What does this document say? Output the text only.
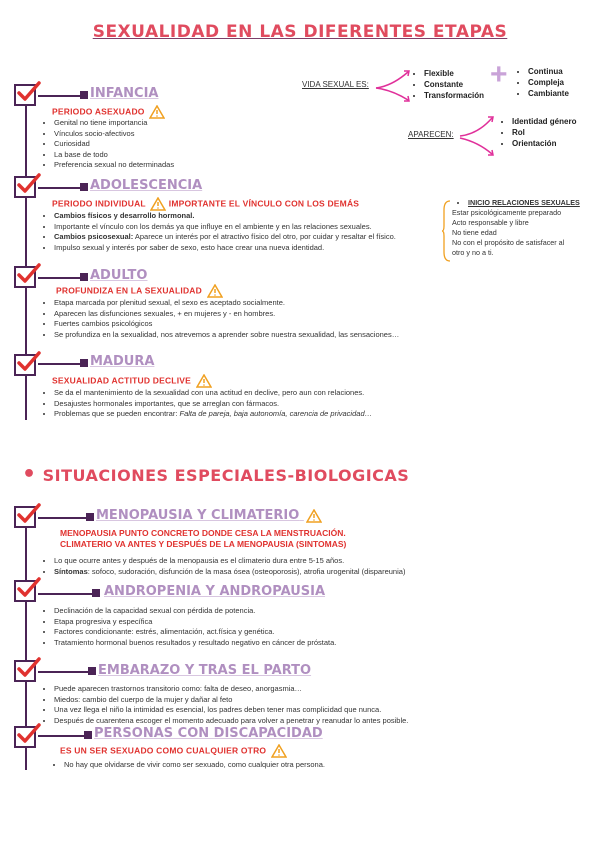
SEXUALIDAD EN LAS DIFERENTES ETAPAS
INFANCIA
PERIODO ASEXUADO
• Genital no tiene importancia
• Vínculos socio-afectivos
• Curiosidad
• La base de todo
• Preferencia sexual no determinadas
VIDA SEXUAL ES:
• Flexible
• Constante
• Transformación
+
•	Continua
• Compleja
• Cambiante
APARECEN:
• Identidad género
• Rol
• Orientación
ADOLESCENCIA
PERIODO INDIVIDUAL	IMPORTANTE EL VÍNCULO CON LOS DEMÁS
• Cambios físicos y desarrollo hormonal.
• Importante el vínculo con los demás ya que influye en el ambiente y en las relaciones sexuales.
• Cambios psicosexual: Aparece un interés por el atractivo físico del otro, por cuidar y resaltar el físico.
• Impulso sexual y interés por saber de sexo, esto hace crear una nueva identidad.
• INICIO RELACIONES SEXUALES
Estar psicológicamente preparado
Acto responsable y libre
No tiene edad
No con el propósito de satisfacer al
otro y no a ti.
ADULTO
PROFUNDIZA EN LA SEXUALIDAD
• Etapa marcada por plenitud sexual, el sexo es aceptado socialmente.
• Aparecen las disfunciones sexuales, + en mujeres y - en hombres.
• Fuertes cambios psicológicos
• Se profundiza en la sexualidad, nos atrevemos a aprender sobre nuestra sexualidad, las sensaciones…
MADURA
SEXUALIDAD ACTITUD DECLIVE
• Se da el mantenimiento de la sexualidad con una actitud en declive, pero aun con relaciones.
• Desajustes hormonales importantes, que se arreglan con fármacos.
• Problemas que se pueden encontrar: Falta de pareja, baja autonomía, carencia de privacidad…
• SITUACIONES ESPECIALES-BIOLOGICAS
MENOPAUSIA Y CLIMATERIO
MENOPAUSIA PUNTO CONCRETO DONDE CESA LA MENSTRUACIÓN.
CLIMATERIO VA ANTES Y DESPUÉS DE LA MENOPAUSIA (SINTOMAS)
• Lo que ocurre antes y después de la menopausia es el climaterio dura entre 5-15 años.
• Síntomas: sofoco, sudoración, disfunción de la masa ósea (osteoporosis), atrofia urogenital (dispareunia)
ANDROPENIA Y ANDROPAUSIA
• Declinación de la capacidad sexual con pérdida de potencia.
• Etapa progresiva y específica
• Factores condicionante: estrés, alimentación, act.física y genética.
• Tratamiento hormonal buenos resultados y resultado negativo en cáncer de próstata.
EMBARAZO Y TRAS EL PARTO
• Puede aparecen trastornos transitorio como: falta de deseo, anorgasmia…
• Miedos: cambio del cuerpo de la mujer y dañar al feto
• Una vez llega el niño la intimidad es esencial, los padres deben tener mas complicidad que nunca.
• Después de cuarentena escoger el momento adecuado para volver a penetrar y reanudar lo antes posible.
PERSONAS CON DISCAPACIDAD
ES UN SER SEXUADO COMO CUALQUIER OTRO
• No hay que olvidarse de vivir como ser sexuado, como cualquier otra persona.
